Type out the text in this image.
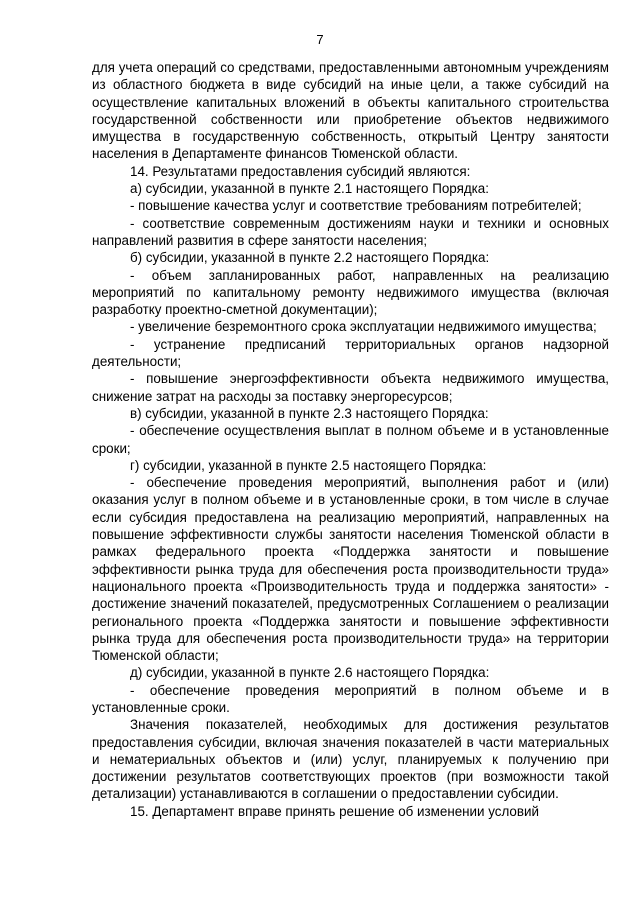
7

для учета операций со средствами, предоставленными автономным учреждениям из областного бюджета в виде субсидий на иные цели, а также субсидий на осуществление капитальных вложений в объекты капитального строительства государственной собственности или приобретение объектов недвижимого имущества в государственную собственность, открытый Центру занятости населения в Департаменте финансов Тюменской области.

14. Результатами предоставления субсидий являются:

а) субсидии, указанной в пункте 2.1 настоящего Порядка:

- повышение качества услуг и соответствие требованиям потребителей;

- соответствие современным достижениям науки и техники и основных направлений развития в сфере занятости населения;

б) субсидии, указанной в пункте 2.2 настоящего Порядка:

- объем запланированных работ, направленных на реализацию мероприятий по капитальному ремонту недвижимого имущества (включая разработку проектно-сметной документации);

- увеличение безремонтного срока эксплуатации недвижимого имущества;

- устранение предписаний территориальных органов надзорной деятельности;

- повышение энергоэффективности объекта недвижимого имущества, снижение затрат на расходы за поставку энергоресурсов;

в) субсидии, указанной в пункте 2.3 настоящего Порядка:

- обеспечение осуществления выплат в полном объеме и в установленные сроки;

г) субсидии, указанной в пункте 2.5 настоящего Порядка:

- обеспечение проведения мероприятий, выполнения работ и (или) оказания услуг в полном объеме и в установленные сроки, в том числе в случае если субсидия предоставлена на реализацию мероприятий, направленных на повышение эффективности службы занятости населения Тюменской области в рамках федерального проекта «Поддержка занятости и повышение эффективности рынка труда для обеспечения роста производительности труда» национального проекта «Производительность труда и поддержка занятости» - достижение значений показателей, предусмотренных Соглашением о реализации регионального проекта «Поддержка занятости и повышение эффективности рынка труда для обеспечения роста производительности труда» на территории Тюменской области;

д) субсидии, указанной в пункте 2.6 настоящего Порядка:

- обеспечение проведения мероприятий в полном объеме и в установленные сроки.

Значения показателей, необходимых для достижения результатов предоставления субсидии, включая значения показателей в части материальных и нематериальных объектов и (или) услуг, планируемых к получению при достижении результатов соответствующих проектов (при возможности такой детализации) устанавливаются в соглашении о предоставлении субсидии.

15. Департамент вправе принять решение об изменении условий
